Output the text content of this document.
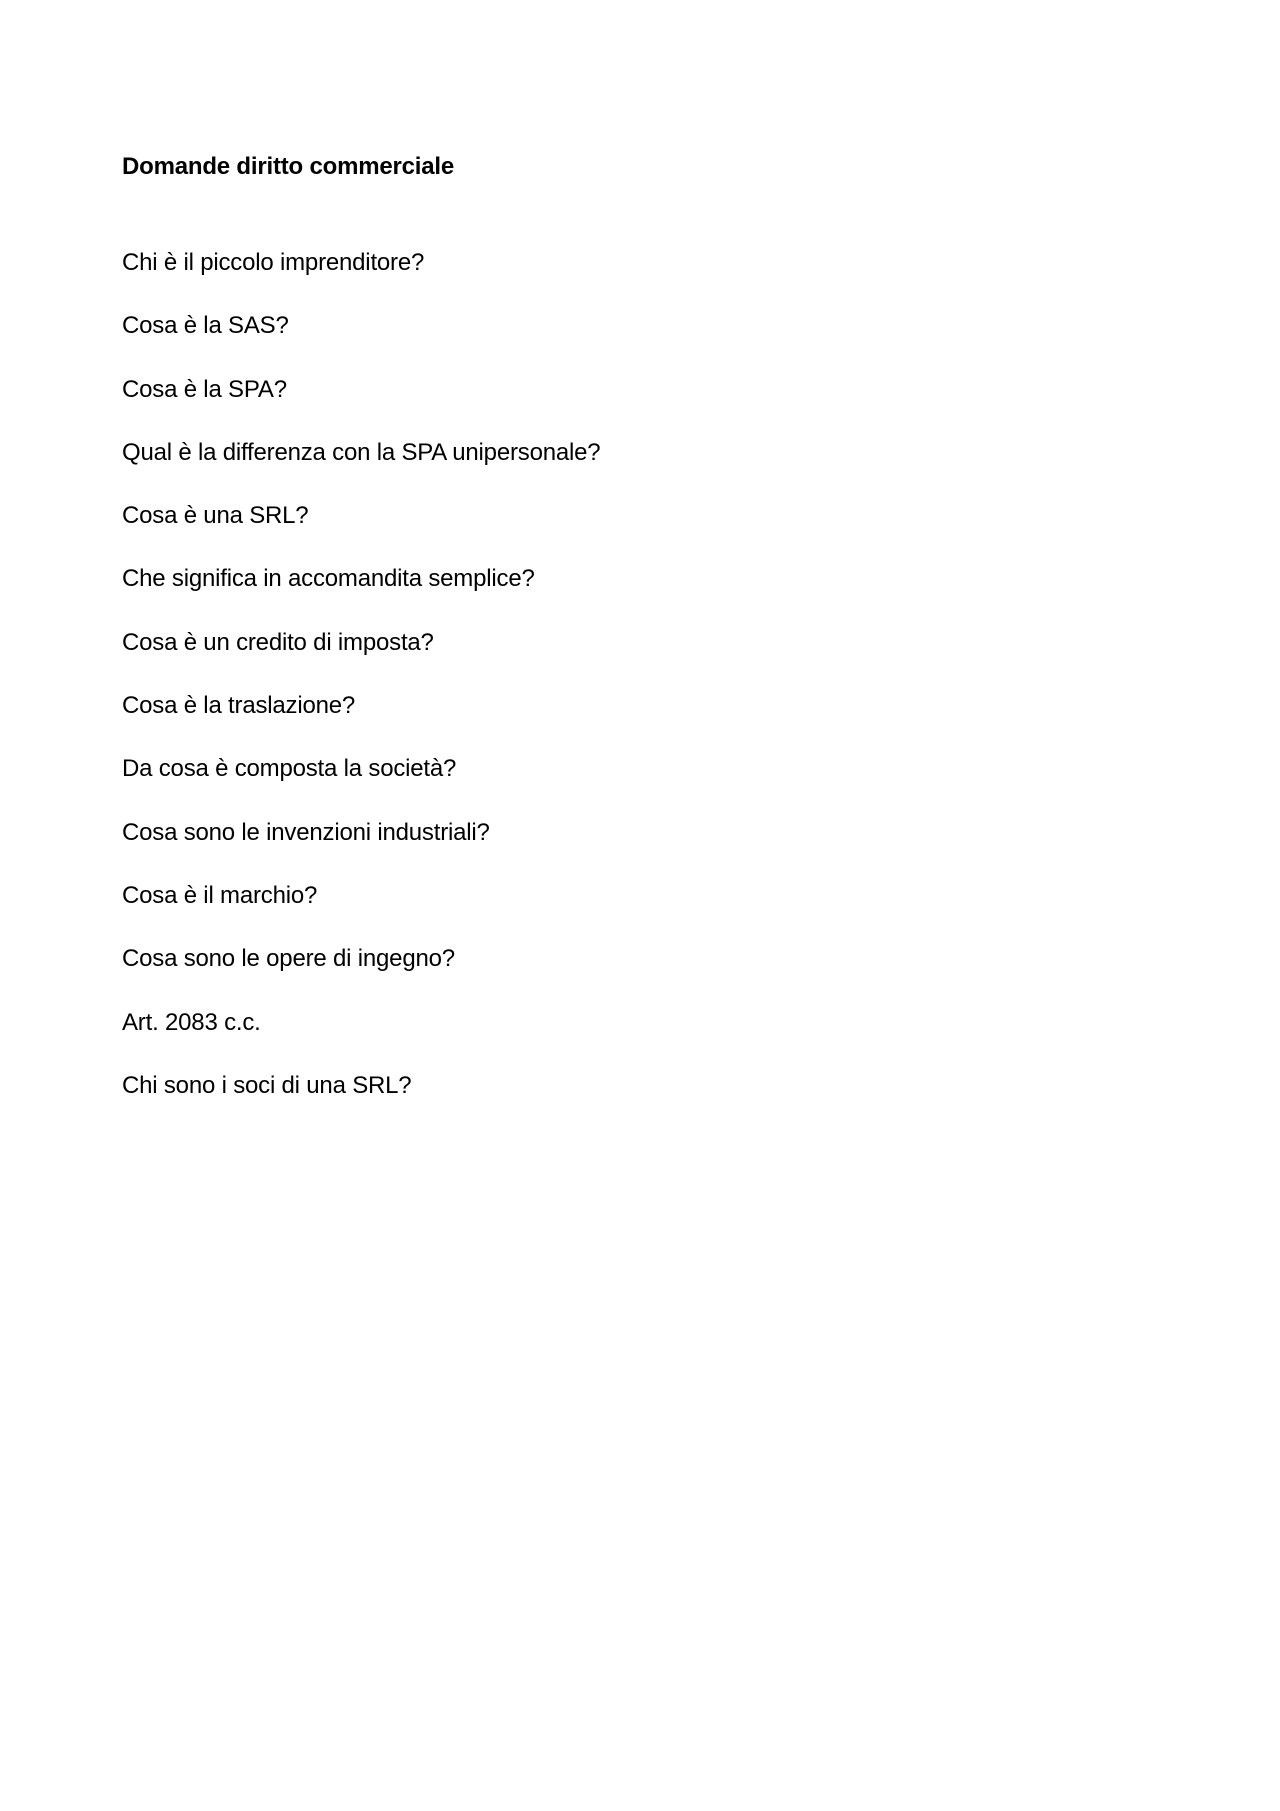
Domande diritto commerciale
Chi è il piccolo imprenditore?
Cosa è la SAS?
Cosa è la SPA?
Qual è la differenza con la SPA unipersonale?
Cosa è una SRL?
Che significa in accomandita semplice?
Cosa è un credito di imposta?
Cosa è la traslazione?
Da cosa è composta la società?
Cosa sono le invenzioni industriali?
Cosa è il marchio?
Cosa sono le opere di ingegno?
Art. 2083 c.c.
Chi sono i soci di una SRL?
